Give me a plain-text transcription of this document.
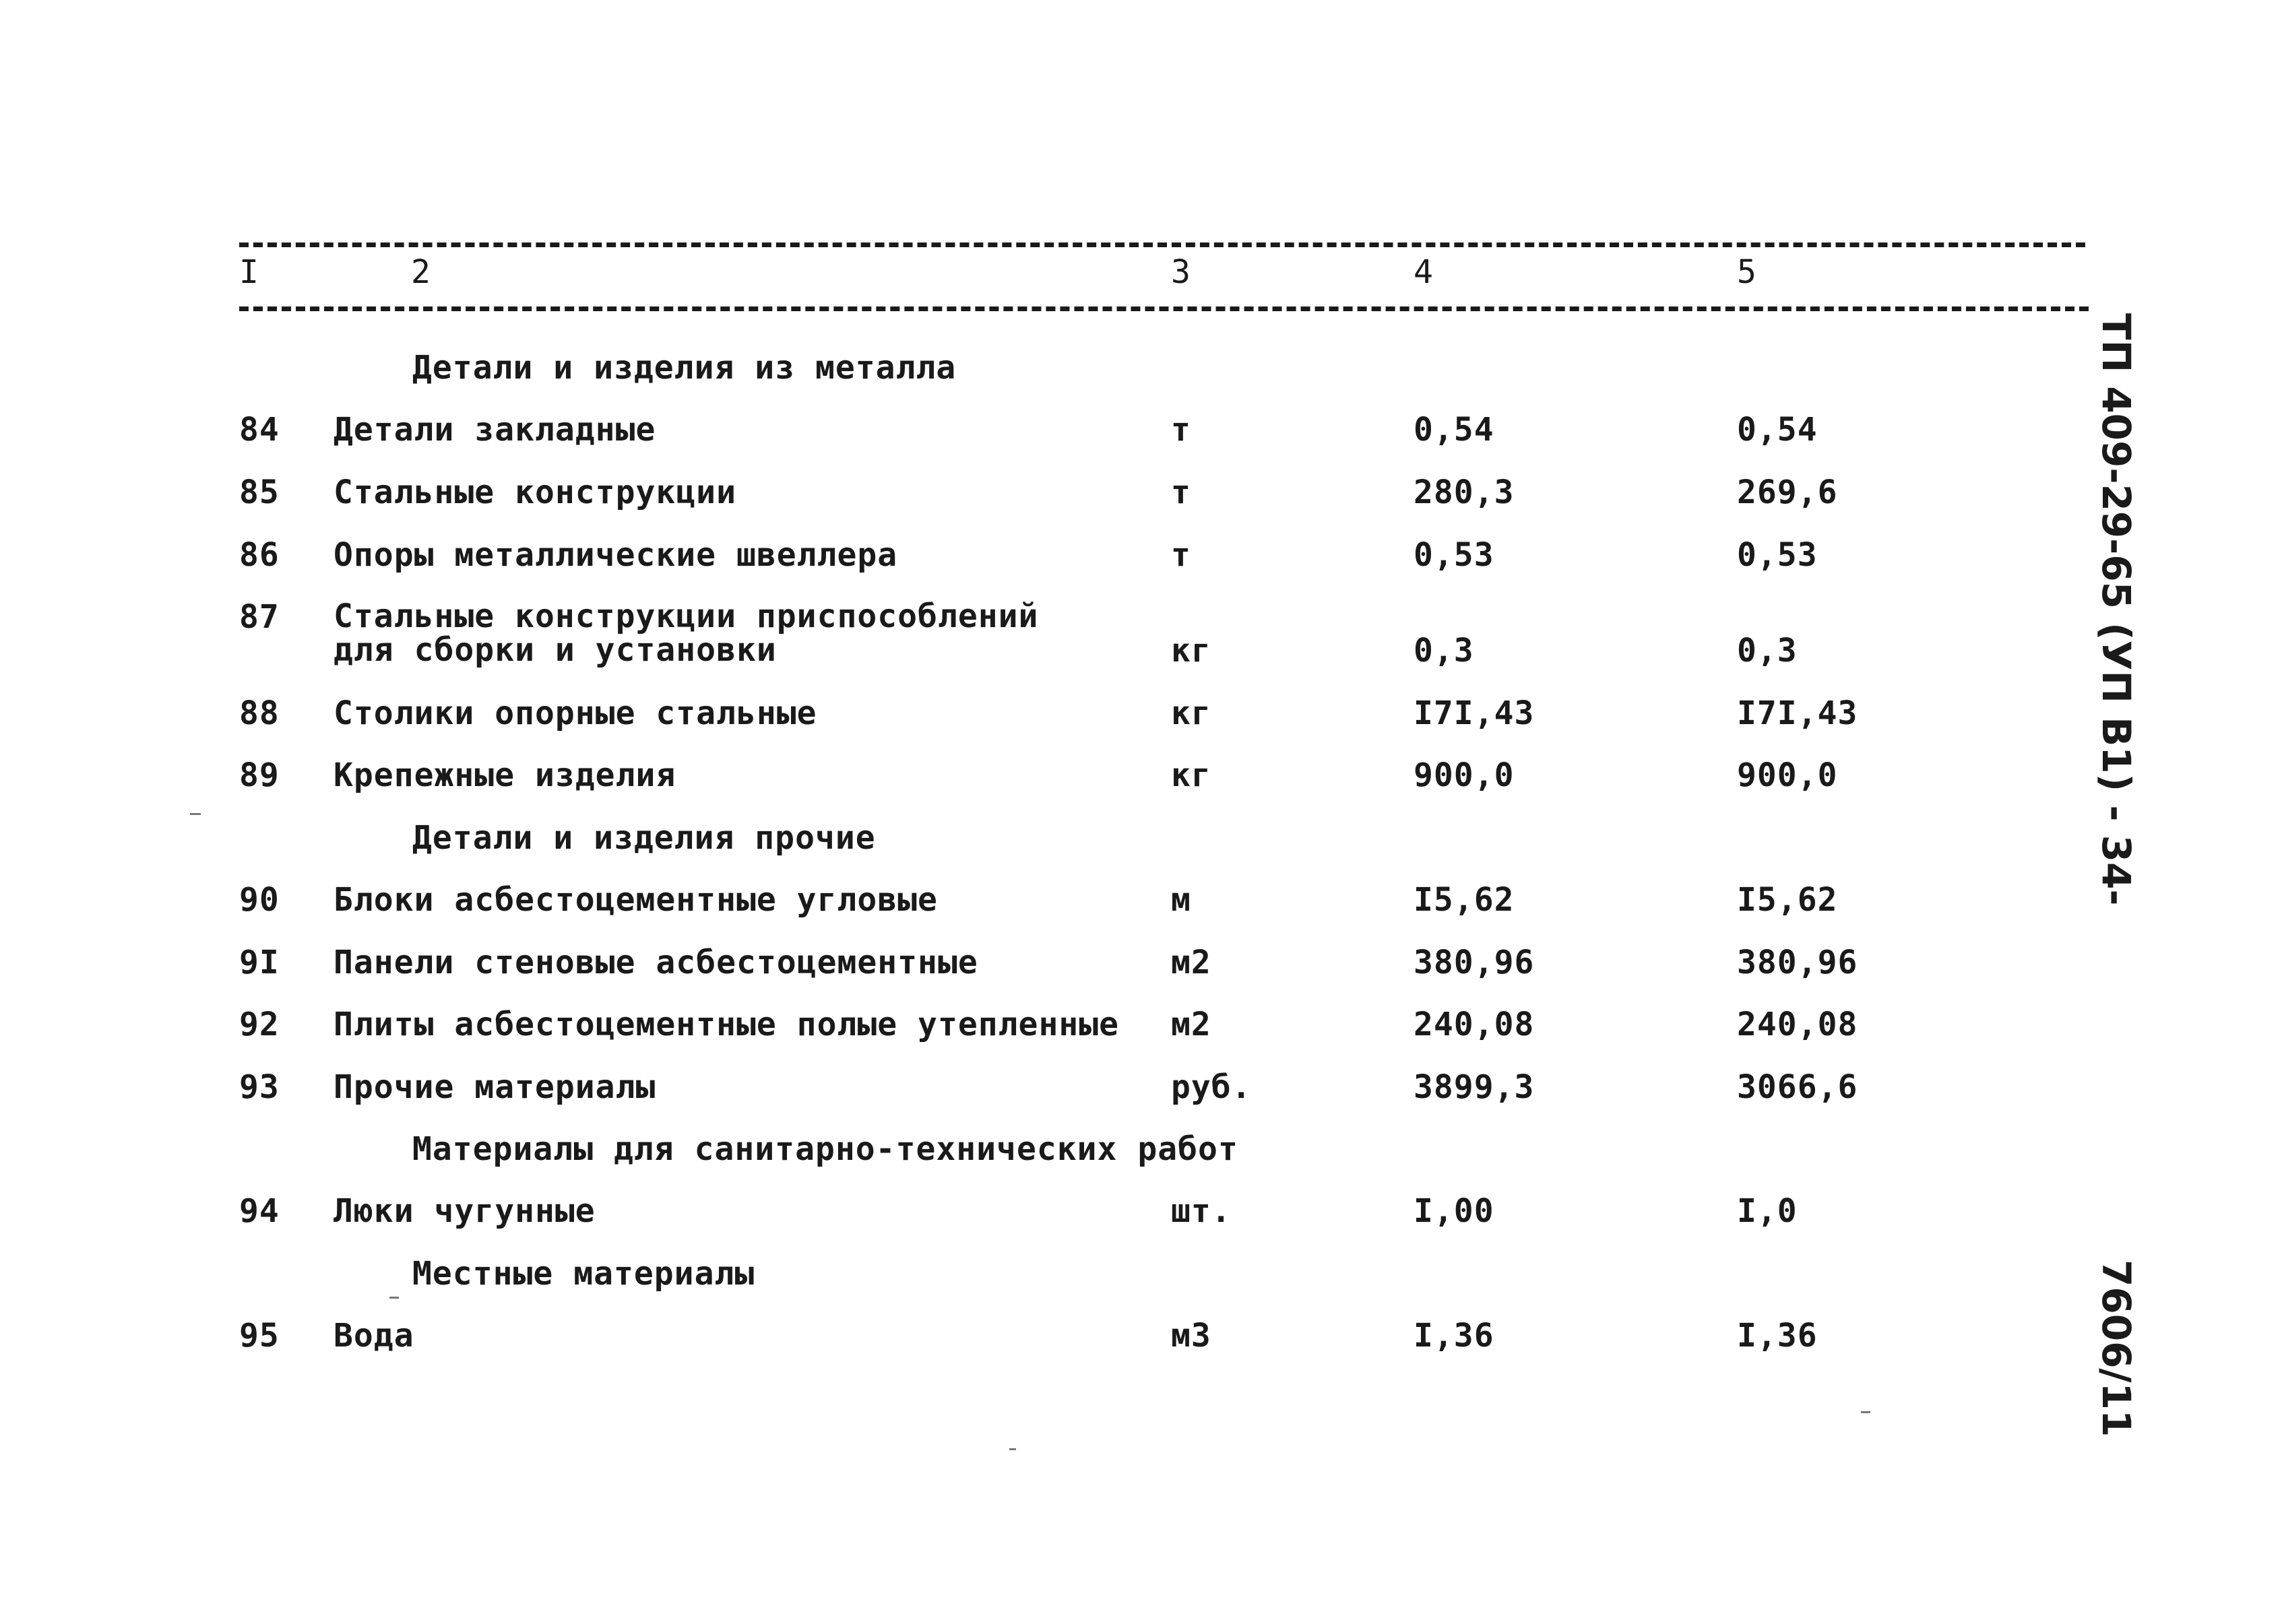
I	2	3	4	5
Детали и изделия из металла
84 Детали закладные	т	0,54	0,54
85 Стальные конструкции	т	280,3	269,6
86 Опоры металлические швеллера	т	0,53	0,53
87 Стальные конструкции приспособлений
для сборки и установки	кг	0,3	0,3
88 Столики опорные стальные	кг	I7I,43	I7I,43
89 Крепежные изделия	кг	900,0	900,0
Детали и изделия прочие
90 Блоки асбестоцементные угловые	м	I5,62	I5,62
9I Панели стеновые асбестоцементные	м2	380,96	380,96
92 Плиты асбестоцементные полые утепленные м2	240,08	240,08
93 Прочие материалы	руб.	3899,3	3066,6
Материалы для санитарно-технических работ
94 Люки чугунные	шт.	I,00	I,0
Местные материалы
95 Вода	м3	I,36	I,36
ТП 409-29-65 (УП В1) - 34-
7606/11
